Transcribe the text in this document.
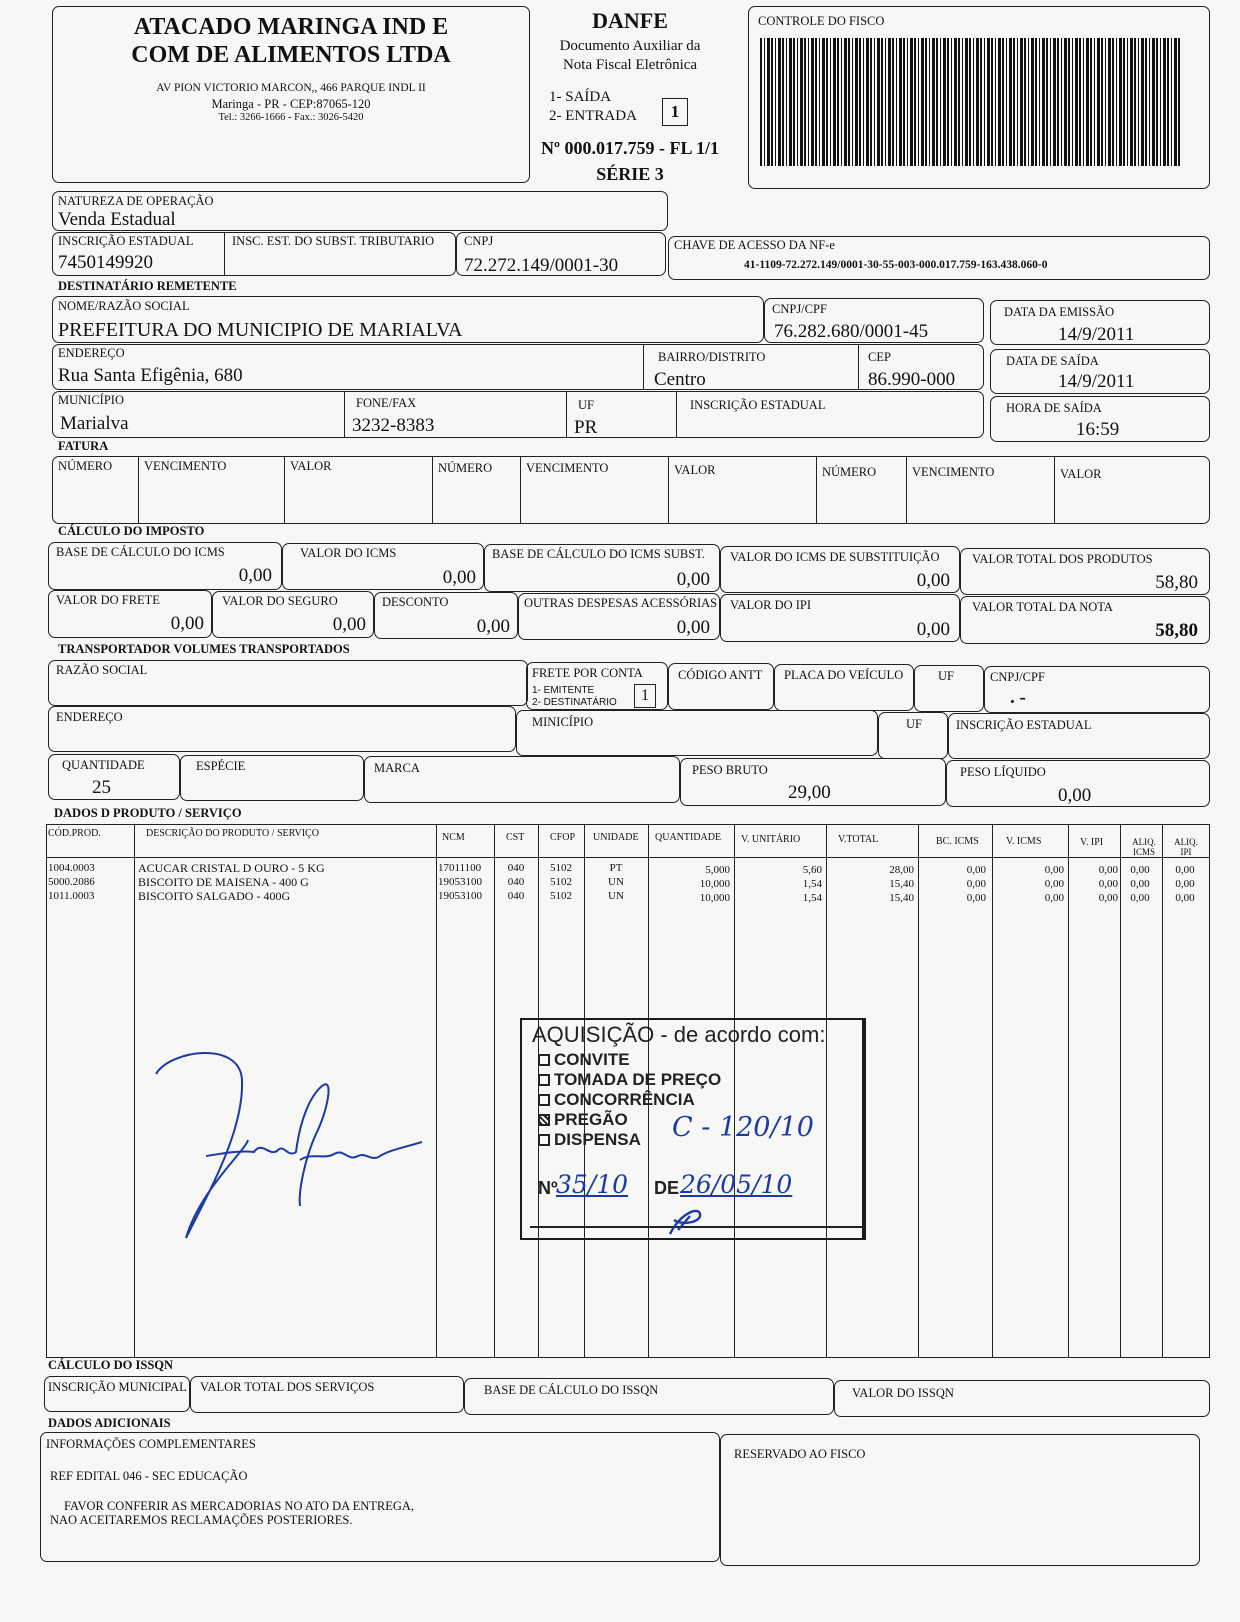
ATACADO MARINGA IND E
COM DE ALIMENTOS LTDA
AV PION VICTORIO MARCON,, 466 PARQUE INDL II
Maringa - PR - CEP:87065-120
Tel.: 3266-1666 - Fax.: 3026-5420
DANFE
Documento Auxiliar da
Nota Fiscal Eletrônica
1- SAÍDA
2- ENTRADA	1
Nº 000.017.759 - FL 1/1
SÉRIE 3
CONTROLE DO FISCO
NATUREZA DE OPERAÇÃO
Venda Estadual
INSCRIÇÃO ESTADUAL
7450149920
INSC. EST. DO SUBST. TRIBUTARIO CNPJ
72.272.149/0001-30
CHAVE DE ACESSO DA NF-e
41-1109-72.272.149/0001-30-55-003-000.017.759-163.438.060-0
DESTINATÁRIO REMETENTE
NOME/RAZÃO SOCIAL
PREFEITURA DO MUNICIPIO DE MARIALVA
CNPJ/CPF
76.282.680/0001-45
DATA DA EMISSÃO
14/9/2011
ENDEREÇO
Rua Santa Efigênia, 680
BAIRRO/DISTRITO
Centro
CEP
86.990-000
DATA DE SAÍDA
14/9/2011
MUNICÍPIO
Marialva
FONE/FAX
3232-8383
UF
PR
INSCRIÇÃO ESTADUAL	HORA DE SAÍDA
16:59
FATURA
NÚMERO	VENCIMENTO	VALOR	NÚMERO	VENCIMENTO	VALOR	NÚMERO	VENCIMENTO	VALOR
CÁLCULO DO IMPOSTO
BASE DE CÁLCULO DO ICMS
0,00
VALOR DO ICMS
0,00
BASE DE CÁLCULO DO ICMS SUBST.
0,00
VALOR DO ICMS DE SUBSTITUIÇÃO
0,00
VALOR TOTAL DOS PRODUTOS
58,80
VALOR DO FRETE
0,00
VALOR DO SEGURO
0,00
DESCONTO
0,00
OUTRAS DESPESAS ACESSÓRIAS
0,00
VALOR DO IPI
0,00
VALOR TOTAL DA NOTA
58,80
TRANSPORTADOR VOLUMES TRANSPORTADOS
RAZÃO SOCIAL	FRETE POR CONTA
1- EMITENTE
2- DESTINATÁRIO	1
CÓDIGO ANTT PLACA DO VEÍCULO	UF	CNPJ/CPF
. -
ENDEREÇO	MINICÍPIO	UF	INSCRIÇÃO ESTADUAL
QUANTIDADE
25
ESPÉCIE	MARCA	PESO BRUTO
29,00
PESO LÍQUIDO
0,00
DADOS D PRODUTO / SERVIÇO
CÓD.PROD.	DESCRIÇÃO DO PRODUTO / SERVIÇO	NCM	CST	CFOP UNIDADE QUANTIDADE V. UNITÁRIO	V.TOTAL	BC. ICMS	V. ICMS	V. IPI	ALIQ. ICMS
ALIQ. IPI
1004.0003	ACUCAR CRISTAL D OURO - 5 KG	17011100	040	5102	PT	5,000	5,60	28,00	0,00	0,00	0,00	0,00	0,00
5000.2086	BISCOITO DE MAISENA - 400 G	19053100	040	5102	UN	10,000	1,54	15,40	0,00	0,00	0,00	0,00	0,00
1011.0003	BISCOITO SALGADO - 400G	19053100	040	5102	UN	10,000	1,54	15,40	0,00	0,00	0,00	0,00	0,00
AQUISIÇÃO - de acordo com:
CONVITE
TOMADA DE PREÇO
CONCORRÊNCIA
PREGÃO
DISPENSA C - 120/10
Nº
35/10 DE 26/05/10
CÁLCULO DO ISSQN
INSCRIÇÃO MUNICIPAL VALOR TOTAL DOS SERVIÇOS	BASE DE CÁLCULO DO ISSQN	VALOR DO ISSQN
DADOS ADICIONAIS
INFORMAÇÕES COMPLEMENTARES
REF EDITAL 046 - SEC EDUCAÇÃO
FAVOR CONFERIR AS MERCADORIAS NO ATO DA ENTREGA,
NAO ACEITAREMOS RECLAMAÇÕES POSTERIORES.
RESERVADO AO FISCO
